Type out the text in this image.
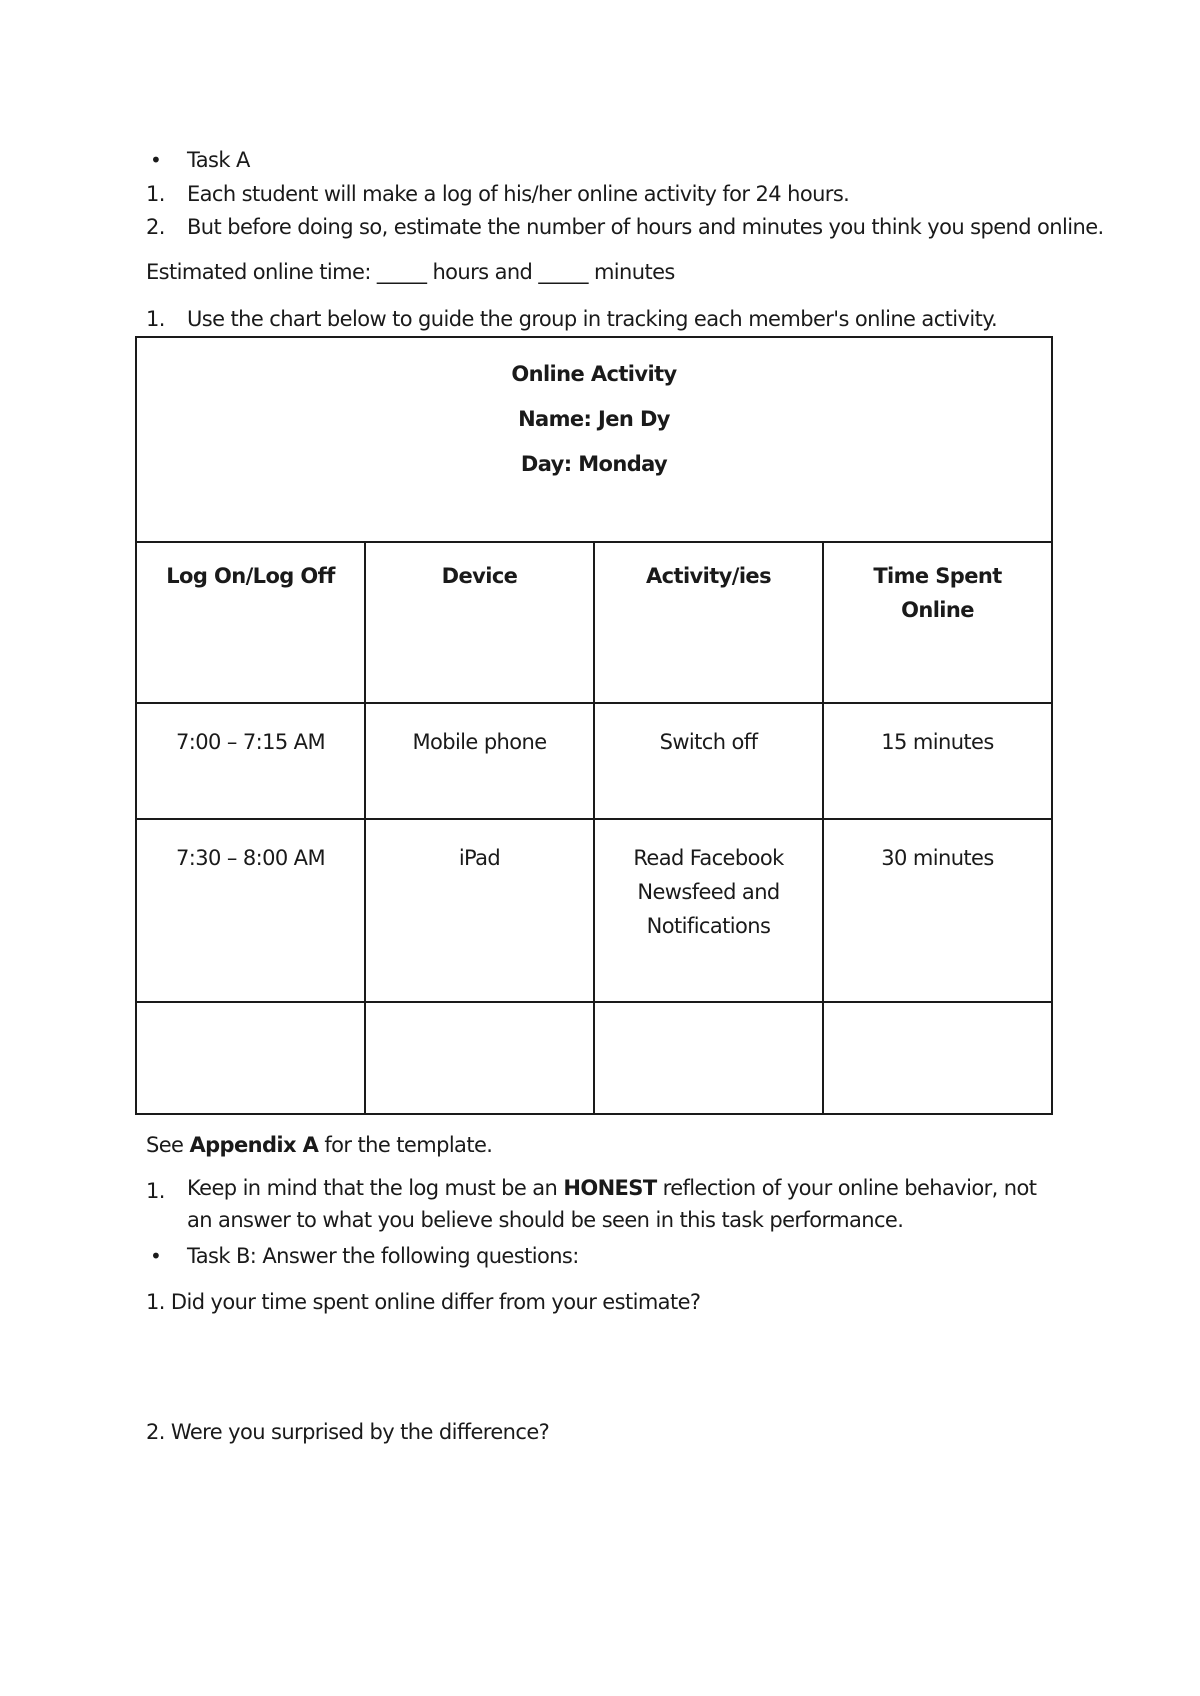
•	Task A
1.	Each student will make a log of his/her online activity for 24 hours.
2.	But before doing so, estimate the number of hours and minutes you think you spend online.
Estimated online time: _____ hours and _____ minutes
1.	Use the chart below to guide the group in tracking each member's online activity.
Online Activity
Name: Jen Dy
Day: Monday			

Log On/Log Off	Device	Activity/ies	Time Spent Online

7:00 – 7:15 AM	Mobile phone	Switch off	15 minutes

7:30 – 8:00 AM	iPad	Read Facebook Newsfeed and Notifications	30 minutes

See Appendix A for the template.
1.	Keep in mind that the log must be an HONEST reflection of your online behavior, not an answer to what you believe should be seen in this task performance.
•	Task B: Answer the following questions:
1. Did your time spent online differ from your estimate?
2. Were you surprised by the difference?
